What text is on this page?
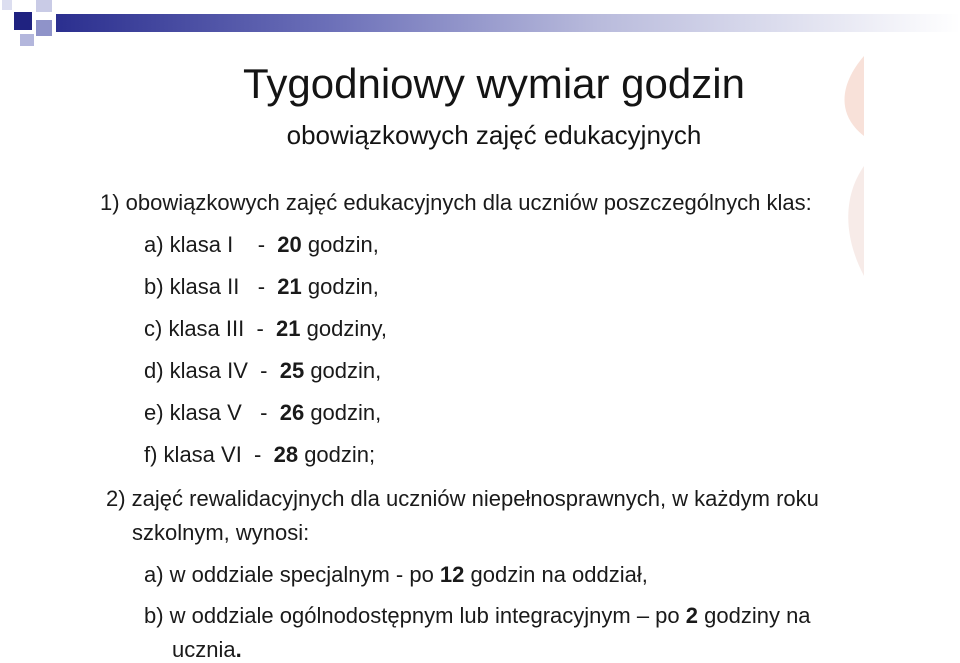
Tygodniowy wymiar godzin
obowiązkowych zajęć edukacyjnych
1) obowiązkowych zajęć edukacyjnych dla uczniów poszczególnych klas:
a) klasa I    -  20 godzin,
b) klasa II   -  21 godzin,
c) klasa III  -  21 godziny,
d) klasa IV  -  25 godzin,
e) klasa V   -  26 godzin,
f) klasa VI  -  28 godzin;
2) zajęć rewalidacyjnych dla uczniów niepełnosprawnych, w każdym roku
szkolnym, wynosi:
a) w oddziale specjalnym - po 12 godzin na oddział,
b) w oddziale ogólnodostępnym lub integracyjnym – po 2 godziny na
ucznia.
